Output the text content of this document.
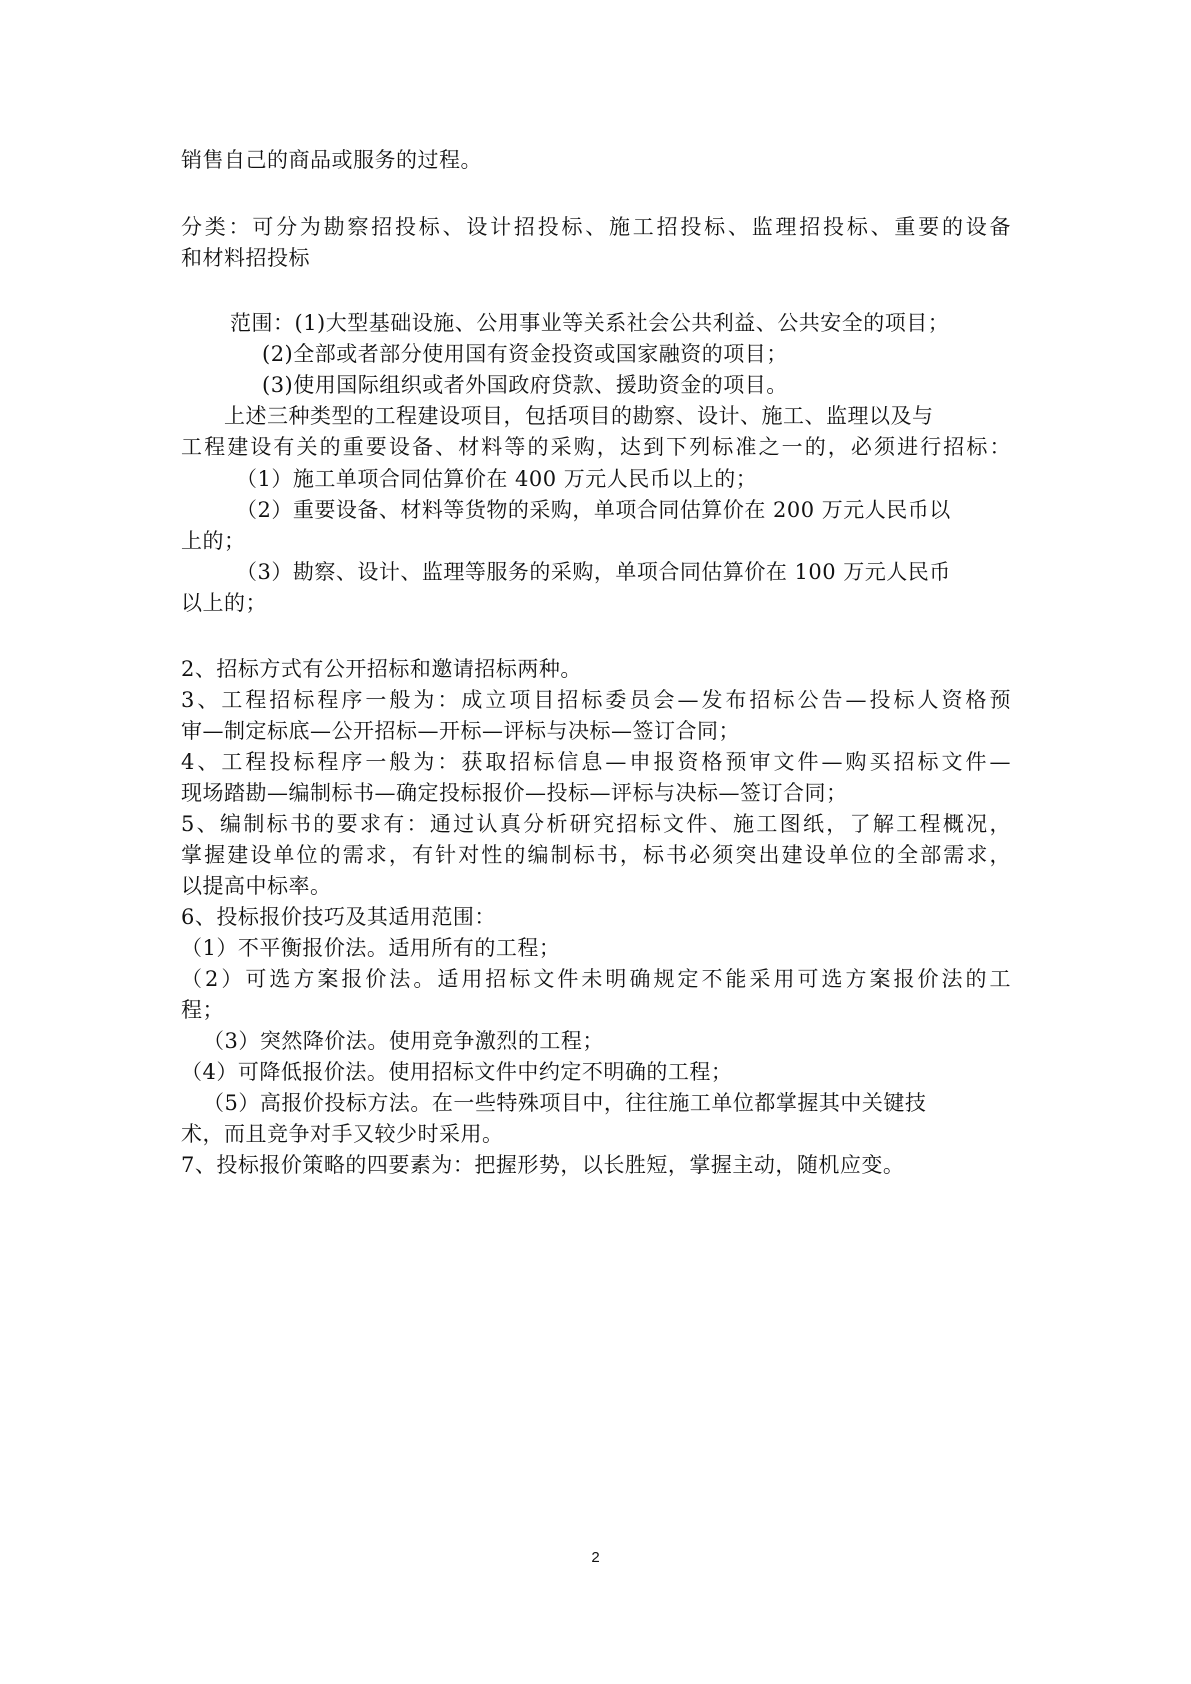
销售自己的商品或服务的过程。
分类：可分为勘察招投标、设计招投标、施工招投标、监理招投标、重要的设备
和材料招投标
范围：(1)大型基础设施、公用事业等关系社会公共利益、公共安全的项目；
(2)全部或者部分使用国有资金投资或国家融资的项目；
(3)使用国际组织或者外国政府贷款、援助资金的项目。
上述三种类型的工程建设项目，包括项目的勘察、设计、施工、监理以及与
工程建设有关的重要设备、材料等的采购，达到下列标准之一的，必须进行招标：
（1）施工单项合同估算价在 400 万元人民币以上的；
（2）重要设备、材料等货物的采购，单项合同估算价在 200 万元人民币以
上的；
（3）勘察、设计、监理等服务的采购，单项合同估算价在 100 万元人民币
以上的；
2、招标方式有公开招标和邀请招标两种。
3、工程招标程序一般为：成立项目招标委员会—发布招标公告—投标人资格预
审—制定标底—公开招标—开标—评标与决标—签订合同；
4、工程投标程序一般为：获取招标信息—申报资格预审文件—购买招标文件—
现场踏勘—编制标书—确定投标报价—投标—评标与决标—签订合同；
5、编制标书的要求有：通过认真分析研究招标文件、施工图纸，了解工程概况，
掌握建设单位的需求，有针对性的编制标书，标书必须突出建设单位的全部需求，
以提高中标率。
6、投标报价技巧及其适用范围：
（1）不平衡报价法。适用所有的工程；
（2）可选方案报价法。适用招标文件未明确规定不能采用可选方案报价法的工
程；
（3）突然降价法。使用竞争激烈的工程；
（4）可降低报价法。使用招标文件中约定不明确的工程；
（5）高报价投标方法。在一些特殊项目中，往往施工单位都掌握其中关键技
术，而且竞争对手又较少时采用。
7、投标报价策略的四要素为：把握形势，以长胜短，掌握主动，随机应变。
2
